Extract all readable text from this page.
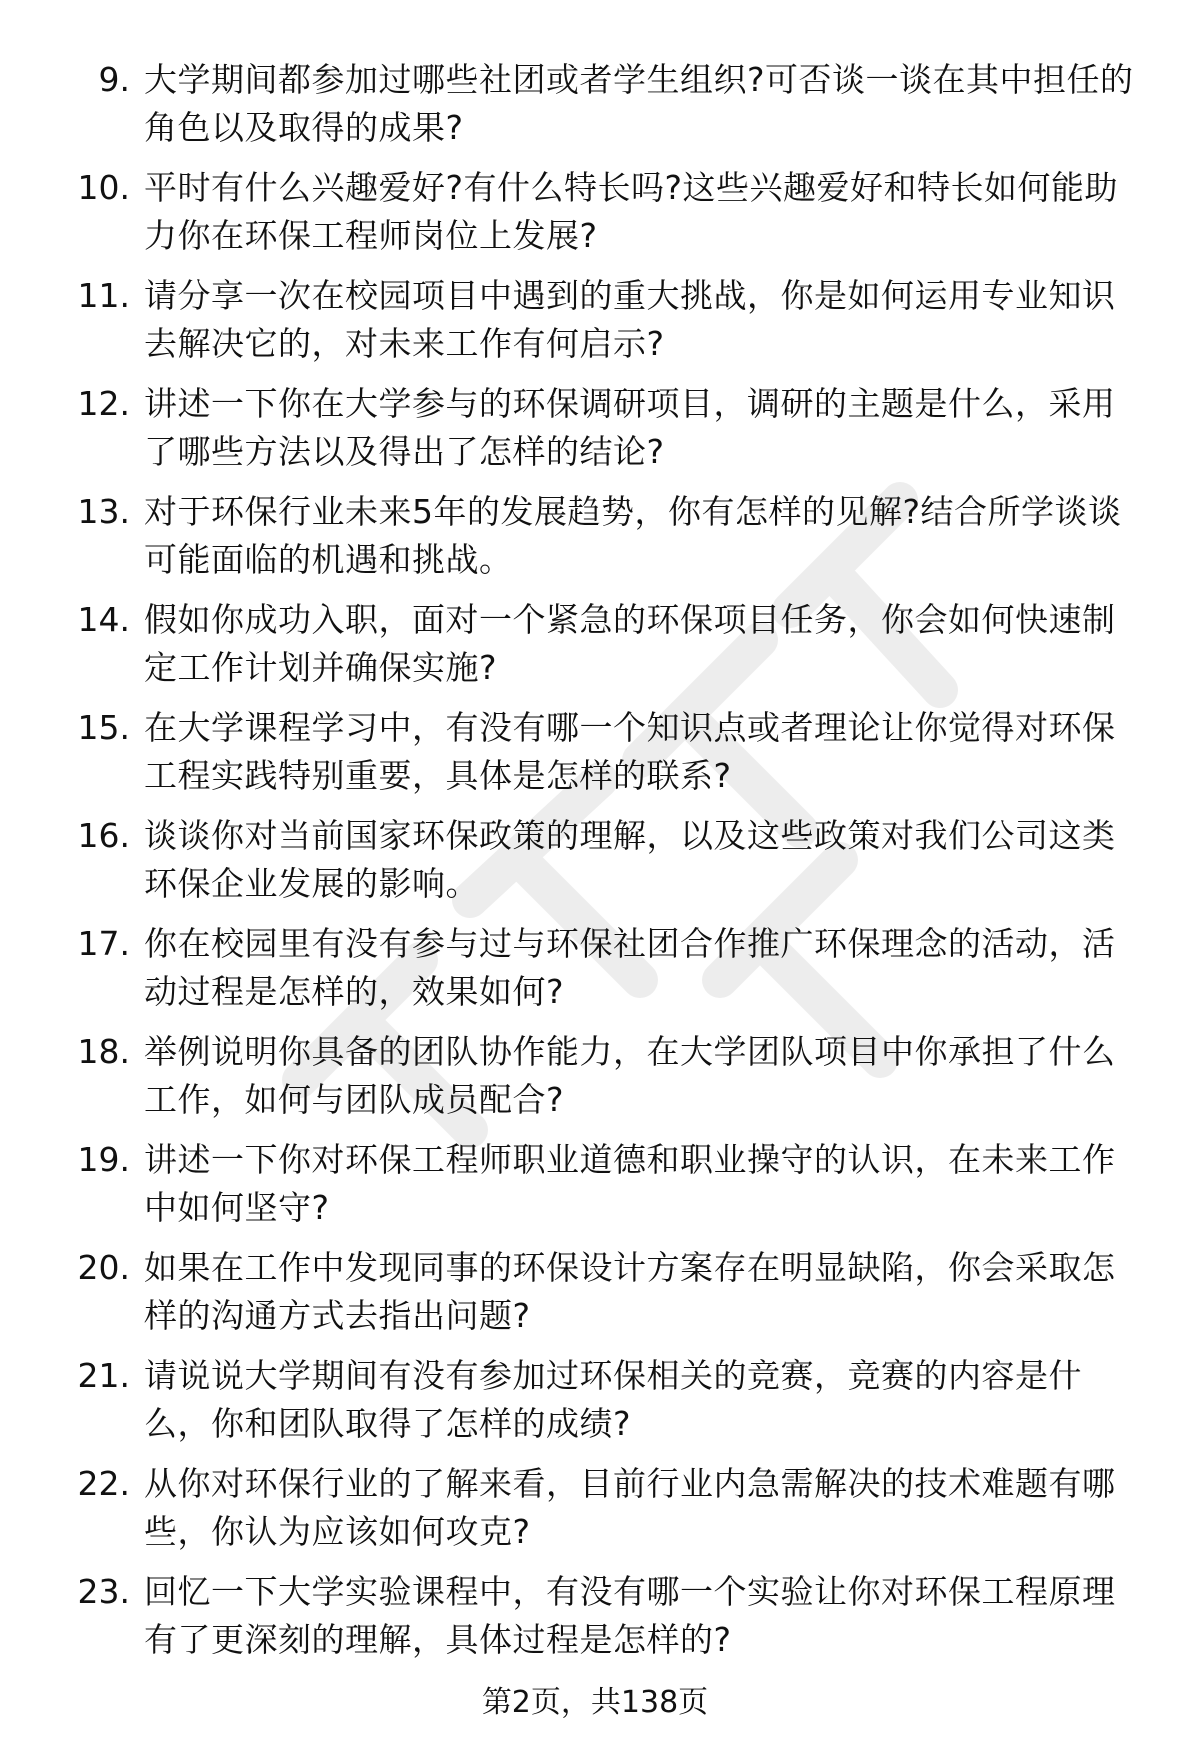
9. 大学期间都参加过哪些社团或者学生组织?可否谈一谈在其中担任的角色以及取得的成果?
10. 平时有什么兴趣爱好?有什么特长吗?这些兴趣爱好和特长如何能助力你在环保工程师岗位上发展?
11. 请分享一次在校园项目中遇到的重大挑战，你是如何运用专业知识去解决它的，对未来工作有何启示?
12. 讲述一下你在大学参与的环保调研项目，调研的主题是什么，采用了哪些方法以及得出了怎样的结论?
13. 对于环保行业未来5年的发展趋势，你有怎样的见解?结合所学谈谈可能面临的机遇和挑战。
14. 假如你成功入职，面对一个紧急的环保项目任务，你会如何快速制定工作计划并确保实施?
15. 在大学课程学习中，有没有哪一个知识点或者理论让你觉得对环保工程实践特别重要，具体是怎样的联系?
16. 谈谈你对当前国家环保政策的理解，以及这些政策对我们公司这类环保企业发展的影响。
17. 你在校园里有没有参与过与环保社团合作推广环保理念的活动，活动过程是怎样的，效果如何?
18. 举例说明你具备的团队协作能力，在大学团队项目中你承担了什么工作，如何与团队成员配合?
19. 讲述一下你对环保工程师职业道德和职业操守的认识，在未来工作中如何坚守?
20. 如果在工作中发现同事的环保设计方案存在明显缺陷，你会采取怎样的沟通方式去指出问题?
21. 请说说大学期间有没有参加过环保相关的竞赛，竞赛的内容是什么，你和团队取得了怎样的成绩?
22. 从你对环保行业的了解来看，目前行业内急需解决的技术难题有哪些，你认为应该如何攻克?
23. 回忆一下大学实验课程中，有没有哪一个实验让你对环保工程原理有了更深刻的理解，具体过程是怎样的?
第2页，共138页
